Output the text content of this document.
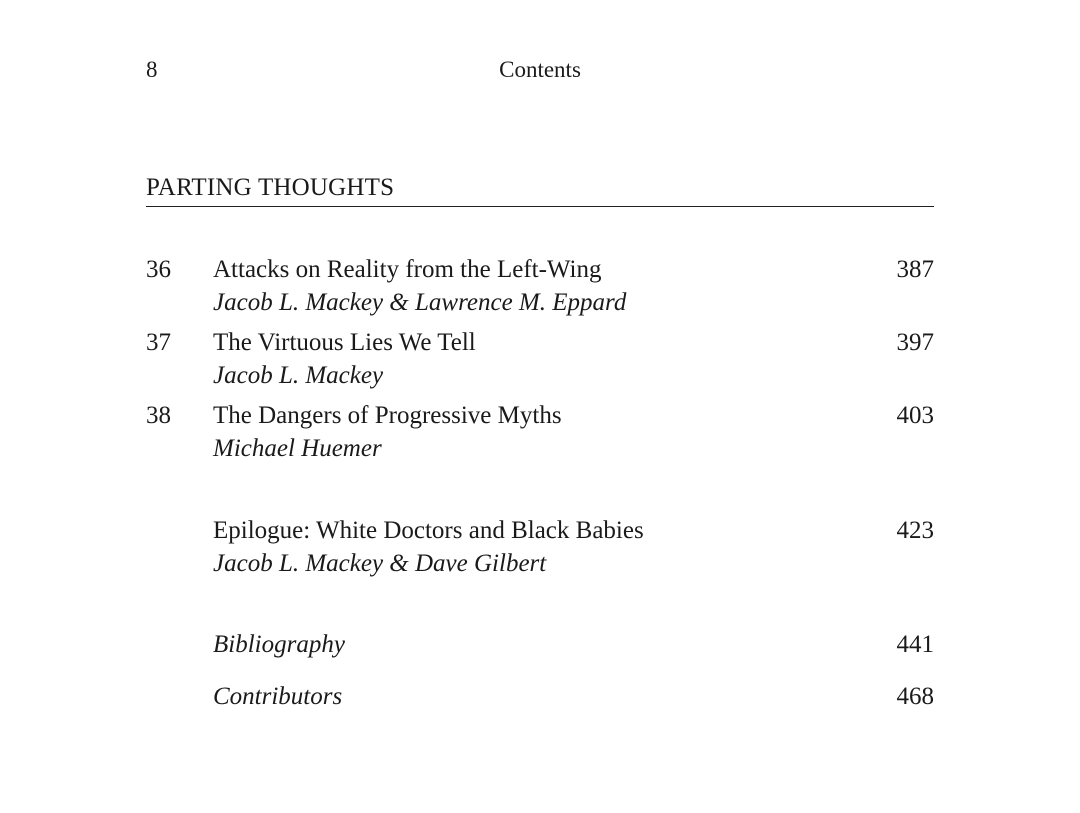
8	Contents
PARTING THOUGHTS
36 Attacks on Reality from the Left-Wing	387
Jacob L. Mackey & Lawrence M. Eppard
37 The Virtuous Lies We Tell	397
Jacob L. Mackey
38 The Dangers of Progressive Myths	403
Michael Huemer
Epilogue: White Doctors and Black Babies	423
Jacob L. Mackey & Dave Gilbert
Bibliography	441
Contributors	468
